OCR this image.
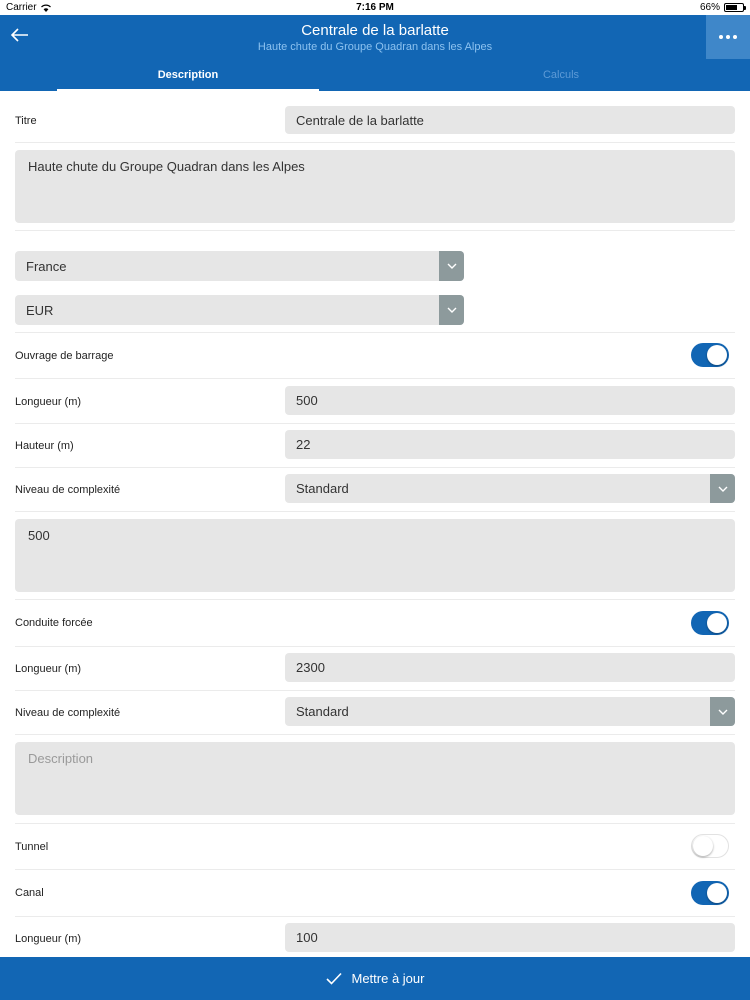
Carrier	7:16 PM	66%
Centrale de la barlatte
Haute chute du Groupe Quadran dans les Alpes
Description	Calculs
Titre	Centrale de la barlatte
Haute chute du Groupe Quadran dans les Alpes
France
EUR
Ouvrage de barrage
Longueur (m)	500
Hauteur (m)	22
Niveau de complexité	Standard
500
Conduite forcée
Longueur (m)	2300
Niveau de complexité	Standard
Description
Tunnel
Canal
Longueur (m)	100
Mettre à jour
